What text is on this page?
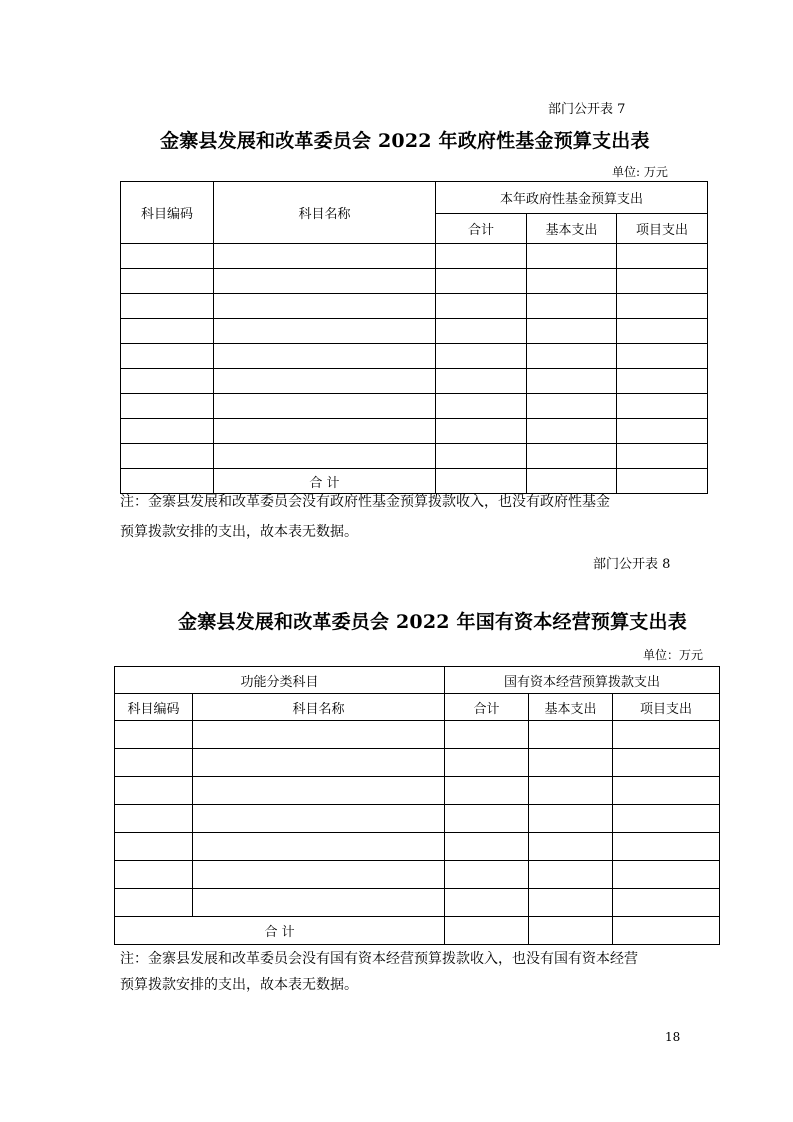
部门公开表 7
金寨县发展和改革委员会 2022 年政府性基金预算支出表
单位: 万元
科目编码	科目名称	本年政府性基金预算支出		
		合计	基本支出	项目支出

	合 计			
注：金寨县发展和改革委员会没有政府性基金预算拨款收入，也没有政府性基金
预算拨款安排的支出，故本表无数据。
部门公开表 8
金寨县发展和改革委员会 2022 年国有资本经营预算支出表
单位：万元
功能分类科目		国有资本经营预算拨款支出		
科目编码	科目名称	合计	基本支出	项目支出

合 计				
注：金寨县发展和改革委员会没有国有资本经营预算拨款收入，也没有国有资本经营
预算拨款安排的支出，故本表无数据。
18
